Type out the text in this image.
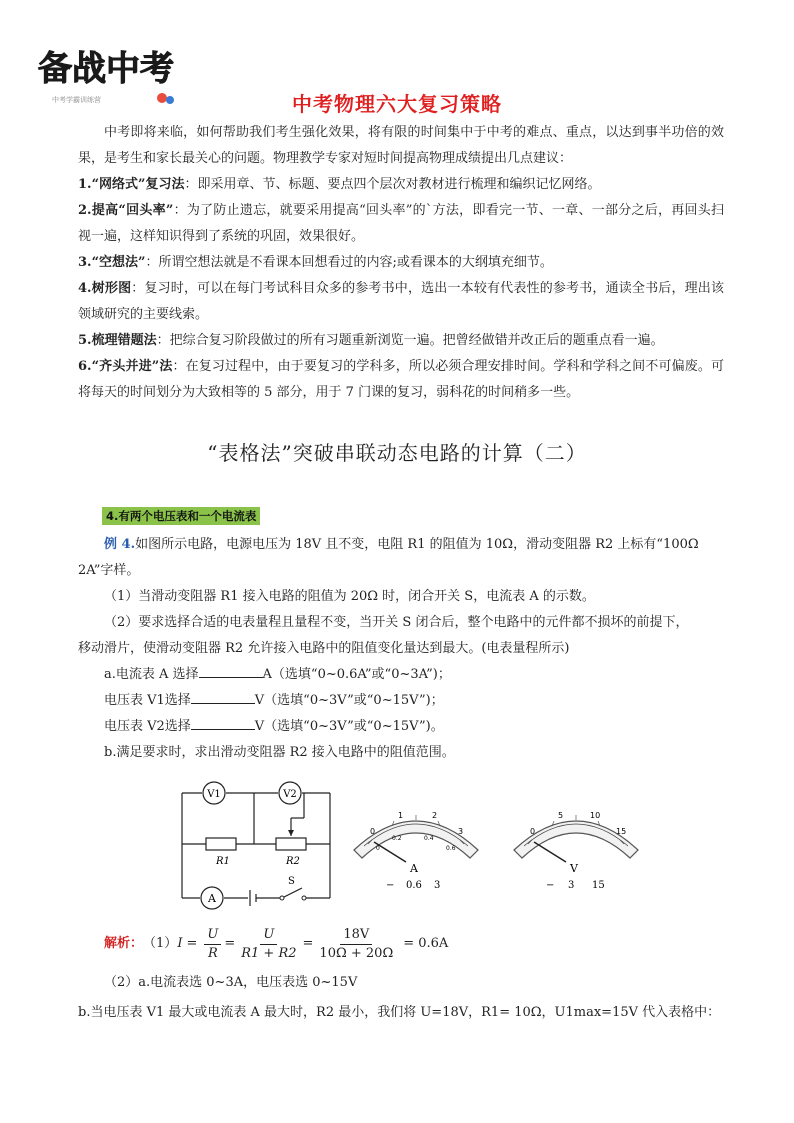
备战中考
中考学霸训练营	中考物理六大复习策略
中考即将来临，如何帮助我们考生强化效果，将有限的时间集中于中考的难点、重点，以达到事半功倍的效果，是考生和家长最关心的问题。物理教学专家对短时间提高物理成绩提出几点建议：
1.“网络式”复习法：即采用章、节、标题、要点四个层次对教材进行梳理和编织记忆网络。
2.提高“回头率”：为了防止遗忘，就要采用提高“回头率”的`方法，即看完一节、一章、一部分之后，再回头扫视一遍，这样知识得到了系统的巩固，效果很好。
3.“空想法”：所谓空想法就是不看课本回想看过的内容;或看课本的大纲填充细节。
4.树形图：复习时，可以在每门考试科目众多的参考书中，选出一本较有代表性的参考书，通读全书后，理出该领域研究的主要线索。
5.梳理错题法：把综合复习阶段做过的所有习题重新浏览一遍。把曾经做错并改正后的题重点看一遍。
6.“齐头并进”法：在复习过程中，由于要复习的学科多，所以必须合理安排时间。学科和学科之间不可偏废。可将每天的时间划分为大致相等的 5 部分，用于 7 门课的复习，弱科花的时间稍多一些。
“表格法”突破串联动态电路的计算（二）
4.有两个电压表和一个电流表
例 4.如图所示电路，电源电压为 18V 且不变，电阻 R1 的阻值为 10Ω，滑动变阻器 R2 上标有“100Ω
2A”字样。
（1）当滑动变阻器 R1 接入电路的阻值为 20Ω 时，闭合开关 S，电流表 A 的示数。
（2）要求选择合适的电表量程且量程不变，当开关 S 闭合后，整个电路中的元件都不损坏的前提下，
移动滑片，使滑动变阻器 R2 允许接入电路中的阻值变化量达到最大。(电表量程所示)
a.电流表 A 选择	A（选填“0~0.6A”或“0~3A”)；
电压表 V1选择	V（选填“0~3V”或“0~15V”)；
电压表 V2选择	V（选填“0~3V”或“0~15V”)。
b.满足要求时，求出滑动变阻器 R2 接入电路中的阻值范围。
V1	V2
A
R1	R2
S
0
1	2
3
0
0.2	0.4
0.6
A
− 0.6 3
0
5	10
15
V
− 3 15
解析 ： （1） $I = \frac{U}{R} = \frac{U}{R1 + R2} = \frac{18V}{10\Omega + 20\Omega} = 0.6A$
（2）a.电流表选 0~3A，电压表选 0~15V
b.当电压表 V1 最大或电流表 A 最大时，R2 最小，我们将 U=18V，R1= 10Ω，U1max=15V 代入表格中：
